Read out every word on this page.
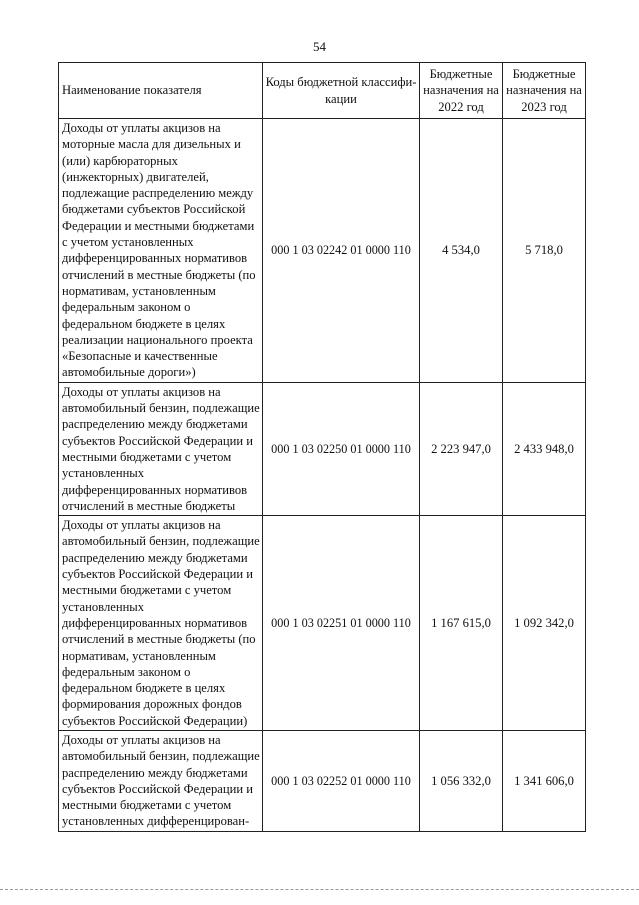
54
Наименование показателя	Коды бюджетной классифи-кации	Бюджетные назначения на 2022 год	Бюджетные назначения на 2023 год
Доходы от уплаты акцизов на моторные масла для дизельных и (или) карбюраторных (инжекторных) двигателей, подлежащие распределению между бюджетами субъектов Российской Федерации и местными бюджетами с учетом установленных дифференцированных нормативов отчислений в местные бюджеты (по нормативам, установленным федеральным законом о федеральном бюджете в целях реализации национального проекта «Безопасные и качественные автомобильные дороги»)	000 1 03 02242 01 0000 110	4 534,0	5 718,0
Доходы от уплаты акцизов на автомобильный бензин, подлежащие распределению между бюджетами субъектов Российской Федерации и местными бюджетами с учетом установленных дифференцированных нормативов отчислений в местные бюджеты	000 1 03 02250 01 0000 110	2 223 947,0	2 433 948,0
Доходы от уплаты акцизов на автомобильный бензин, подлежащие распределению между бюджетами субъектов Российской Федерации и местными бюджетами с учетом установленных дифференцированных нормативов отчислений в местные бюджеты (по нормативам, установленным федеральным законом о федеральном бюджете в целях формирования дорожных фондов субъектов Российской Федерации)	000 1 03 02251 01 0000 110	1 167 615,0	1 092 342,0
Доходы от уплаты акцизов на автомобильный бензин, подлежащие распределению между бюджетами субъектов Российской Федерации и местными бюджетами с учетом установленных дифференцирован-	000 1 03 02252 01 0000 110	1 056 332,0	1 341 606,0
